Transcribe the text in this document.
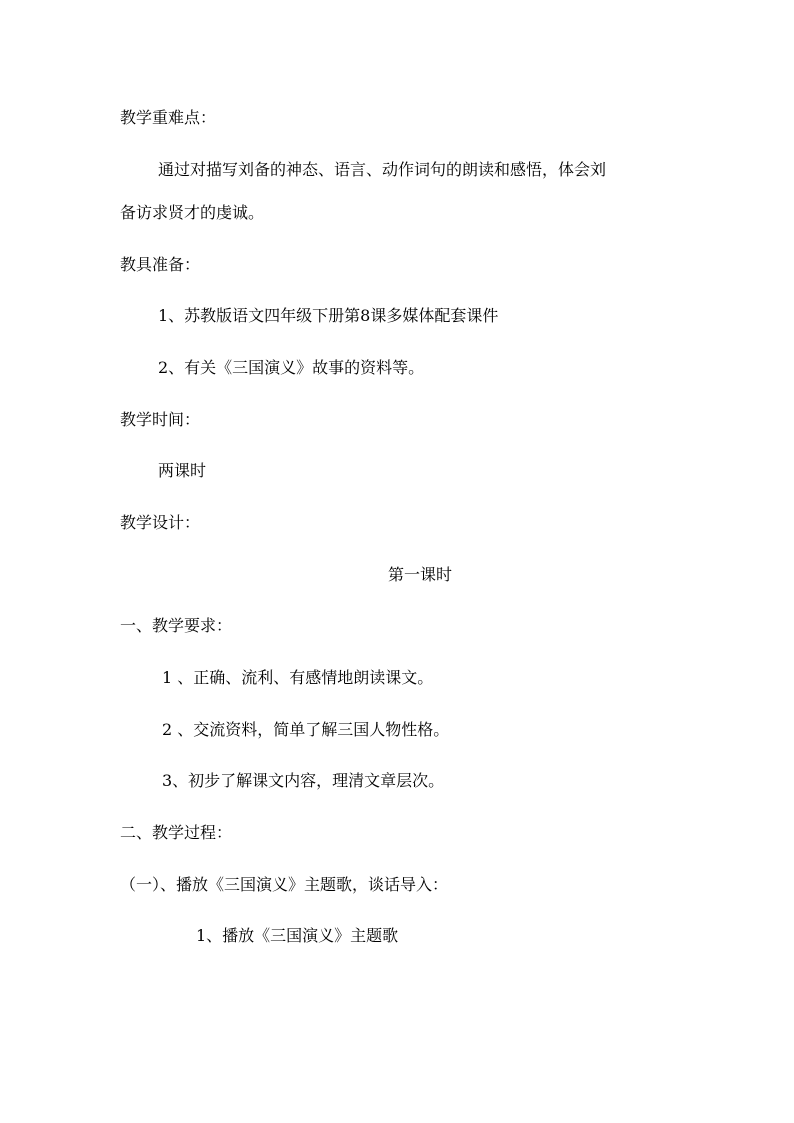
教学重难点：
通过对描写刘备的神态、语言、动作词句的朗读和感悟，体会刘
备访求贤才的虔诚。
教具准备：
1、苏教版语文四年级下册第8课多媒体配套课件
2、有关《三国演义》故事的资料等。
教学时间：
两课时
教学设计：
第一课时
一、教学要求：
1 、正确、流利、有感情地朗读课文。
2 、交流资料，简单了解三国人物性格。
3、初步了解课文内容，理清文章层次。
二、教学过程：
（一）、播放《三国演义》主题歌，谈话导入：
1、播放《三国演义》主题歌
